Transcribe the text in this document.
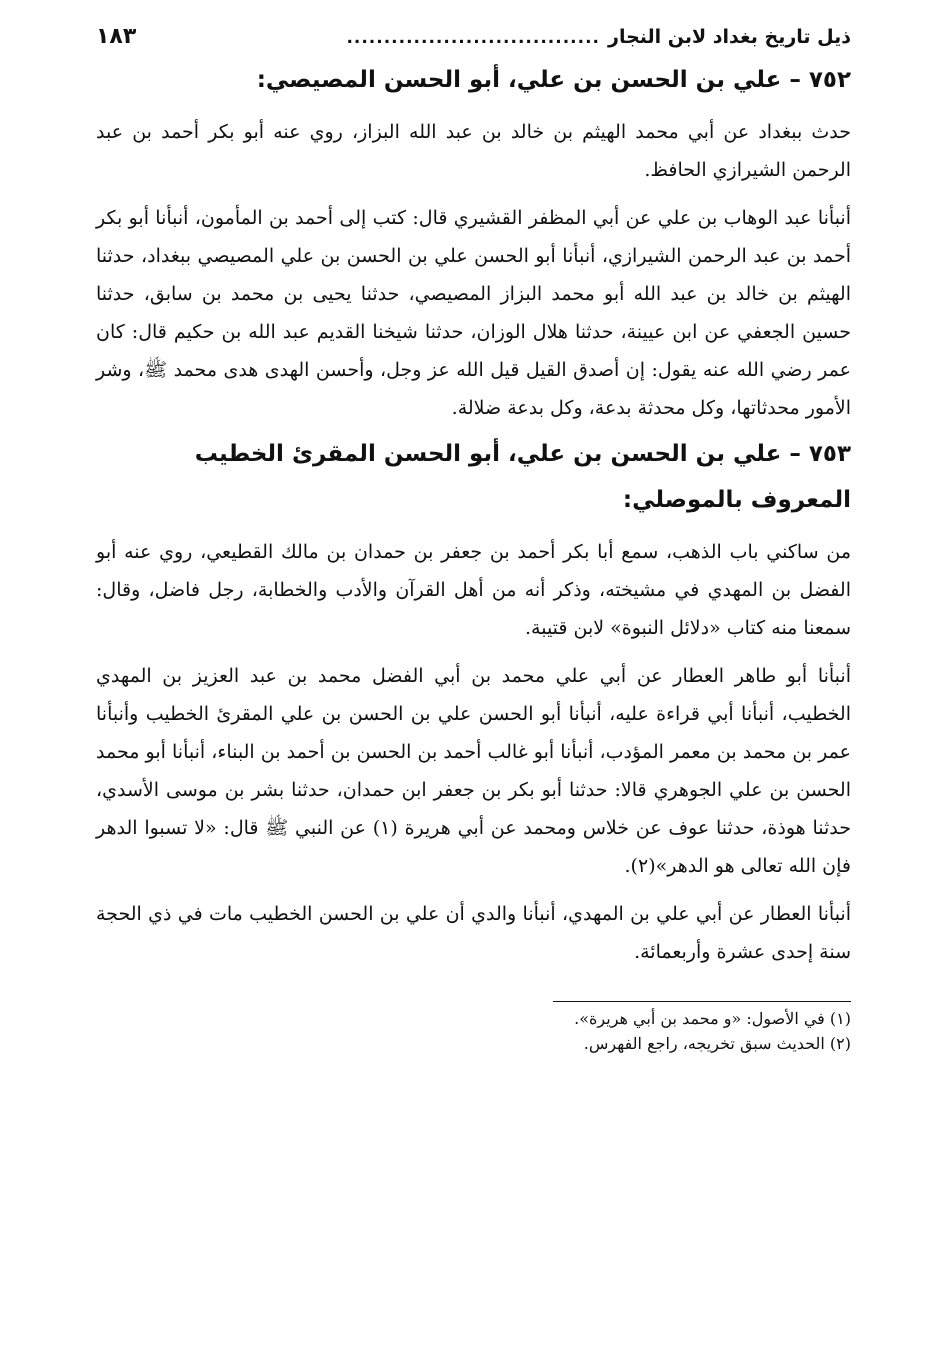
ذيل تاريخ بغداد لابن النجار
..................................
١٨٣
٧٥٢ – علي بن الحسن بن علي، أبو الحسن المصيصي:

حدث ببغداد عن أبي محمد الهيثم بن خالد بن عبد الله البزاز، روي عنه أبو بكر أحمد بن عبد الرحمن الشيرازي الحافظ.

أنبأنا عبد الوهاب بن علي عن أبي المظفر القشيري قال: كتب إلى أحمد بن المأمون، أنبأنا أبو بكر أحمد بن عبد الرحمن الشيرازي، أنبأنا أبو الحسن علي بن الحسن بن علي المصيصي ببغداد، حدثنا الهيثم بن خالد بن عبد الله أبو محمد البزاز المصيصي، حدثنا يحيى بن محمد بن سابق، حدثنا حسين الجعفي عن ابن عيينة، حدثنا هلال الوزان، حدثنا شيخنا القديم عبد الله بن حكيم قال: كان عمر رضي الله عنه يقول: إن أصدق القيل قيل الله عز وجل، وأحسن الهدى هدى محمد ﷺ، وشر الأمور محدثاتها، وكل محدثة بدعة، وكل بدعة ضلالة.

٧٥٣ – علي بن الحسن بن علي، أبو الحسن المقرئ الخطيب المعروف بالموصلي:

من ساكني باب الذهب، سمع أبا بكر أحمد بن جعفر بن حمدان بن مالك القطيعي، روي عنه أبو الفضل بن المهدي في مشيخته، وذكر أنه من أهل القرآن والأدب والخطابة، رجل فاضل، وقال: سمعنا منه كتاب «دلائل النبوة» لابن قتيبة.

أنبأنا أبو طاهر العطار عن أبي علي محمد بن أبي الفضل محمد بن عبد العزيز بن المهدي الخطيب، أنبأنا أبي قراءة عليه، أنبأنا أبو الحسن علي بن الحسن بن علي المقرئ الخطيب وأنبأنا عمر بن محمد بن معمر المؤدب، أنبأنا أبو غالب أحمد بن الحسن بن أحمد بن البناء، أنبأنا أبو محمد الحسن بن علي الجوهري قالا: حدثنا أبو بكر بن جعفر ابن حمدان، حدثنا بشر بن موسى الأسدي، حدثنا هوذة، حدثنا عوف عن خلاس ومحمد عن أبي هريرة (١) عن النبي ﷺ قال: «لا تسبوا الدهر فإن الله تعالى هو الدهر»(٢).

أنبأنا العطار عن أبي علي بن المهدي، أنبأنا والدي أن علي بن الحسن الخطيب مات في ذي الحجة سنة إحدى عشرة وأربعمائة.

(١) في الأصول: «و محمد بن أبي هريرة».
(٢) الحديث سبق تخريجه، راجع الفهرس.
